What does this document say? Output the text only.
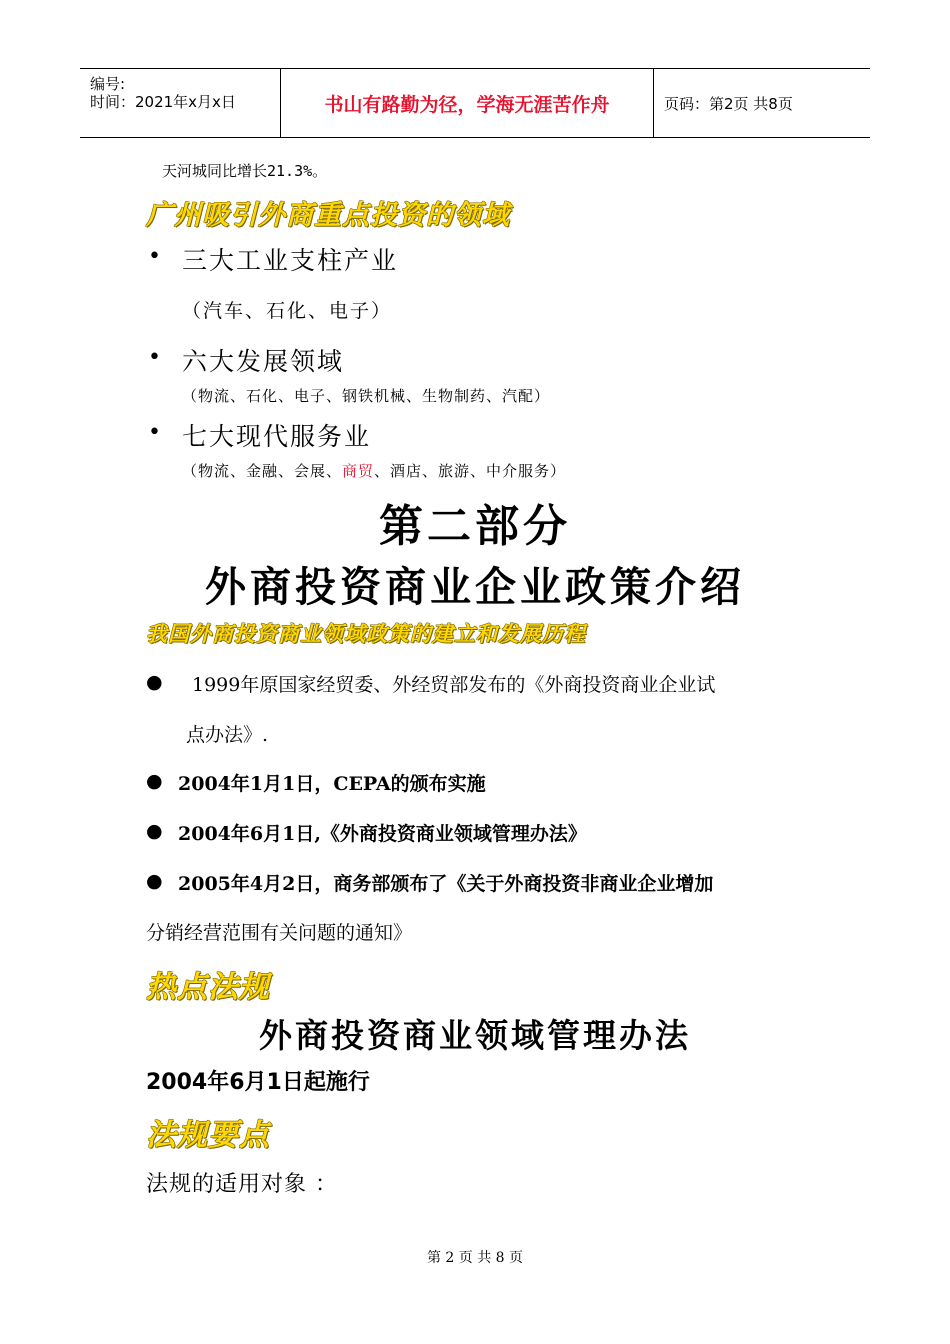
编号:
时间：2021年x月x日	书山有路勤为径，学海无涯苦作舟	页码：第2页 共8页
天河城同比增长21.3%。
广州吸引外商重点投资的领域
• 三大工业支柱产业
（汽车、石化、电子）
• 六大发展领域
（物流、石化、电子、钢铁机械、生物制药、汽配）
• 七大现代服务业
（物流、金融、会展、商贸、酒店、旅游、中介服务）
第二部分
外商投资商业企业政策介绍
我国外商投资商业领域政策的建立和发展历程
● 1999年原国家经贸委、外经贸部发布的《外商投资商业企业试
点办法》.
● 2004年1月1日，CEPA的颁布实施
● 2004年6月1日,《外商投资商业领域管理办法》
● 2005年4月2日，商务部颁布了《关于外商投资非商业企业增加
分销经营范围有关问题的通知》
热点法规
外商投资商业领域管理办法
2004年6月1日起施行
法规要点
法规的适用对象 ：
第 2 页 共 8 页
